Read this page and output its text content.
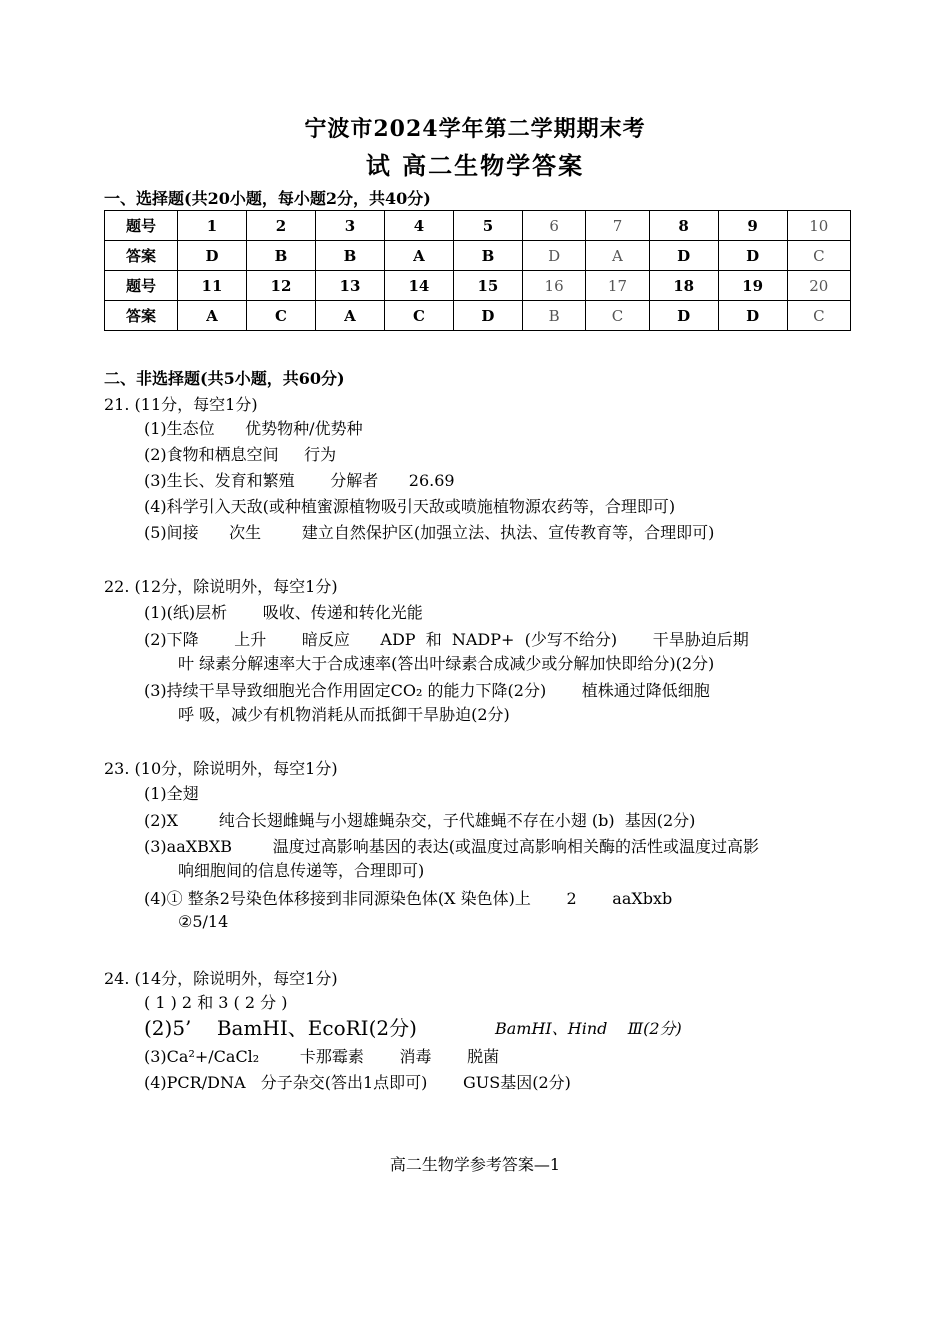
宁波市2024学年第二学期期末考
试 高二生物学答案
一、选择题(共20小题，每小题2分，共40分)
题号	1	2	3	4	5	6	7	8	9	10
答案	D	B	B	A	B	D	A	D	D	C
题号	11	12	13	14	15	16	17	18	19	20
答案	A	C	A	C	D	B	C	D	D	C
二、非选择题(共5小题，共60分)
21. (11分，每空1分)
(1)生态位      优势物种/优势种
(2)食物和栖息空间     行为
(3)生长、发育和繁殖       分解者      26.69
(4)科学引入天敌(或种植蜜源植物吸引天敌或喷施植物源农药等，合理即可)
(5)间接      次生        建立自然保护区(加强立法、执法、宣传教育等，合理即可)
22. (12分，除说明外，每空1分)
(1)(纸)层析       吸收、传递和转化光能
(2)下降       上升       暗反应      ADP  和  NADP+  (少写不给分)       干旱胁迫后期
叶 绿素分解速率大于合成速率(答出叶绿素合成减少或分解加快即给分)(2分)
(3)持续干旱导致细胞光合作用固定CO₂ 的能力下降(2分)       植株通过降低细胞
呼 吸，减少有机物消耗从而抵御干旱胁迫(2分)
23. (10分，除说明外，每空1分)
(1)全翅
(2)X        纯合长翅雌蝇与小翅雄蝇杂交，子代雄蝇不存在小翅 (b)  基因(2分)
(3)aaXBXB        温度过高影响基因的表达(或温度过高影响相关酶的活性或温度过高影
响细胞间的信息传递等，合理即可)
(4)① 整条2号染色体移接到非同源染色体(X 染色体)上       2       aaXbxb
②5/14
24. (14分，除说明外，每空1分)
( 1 ) 2 和 3 ( 2 分 )
(2)5’    BamHI、EcoRI(2分)	BamHI、Hind    Ⅲ(2分)
(3)Ca²+/CaCl₂        卡那霉素       消毒       脱菌
(4)PCR/DNA   分子杂交(答出1点即可)       GUS基因(2分)
高二生物学参考答案—1
